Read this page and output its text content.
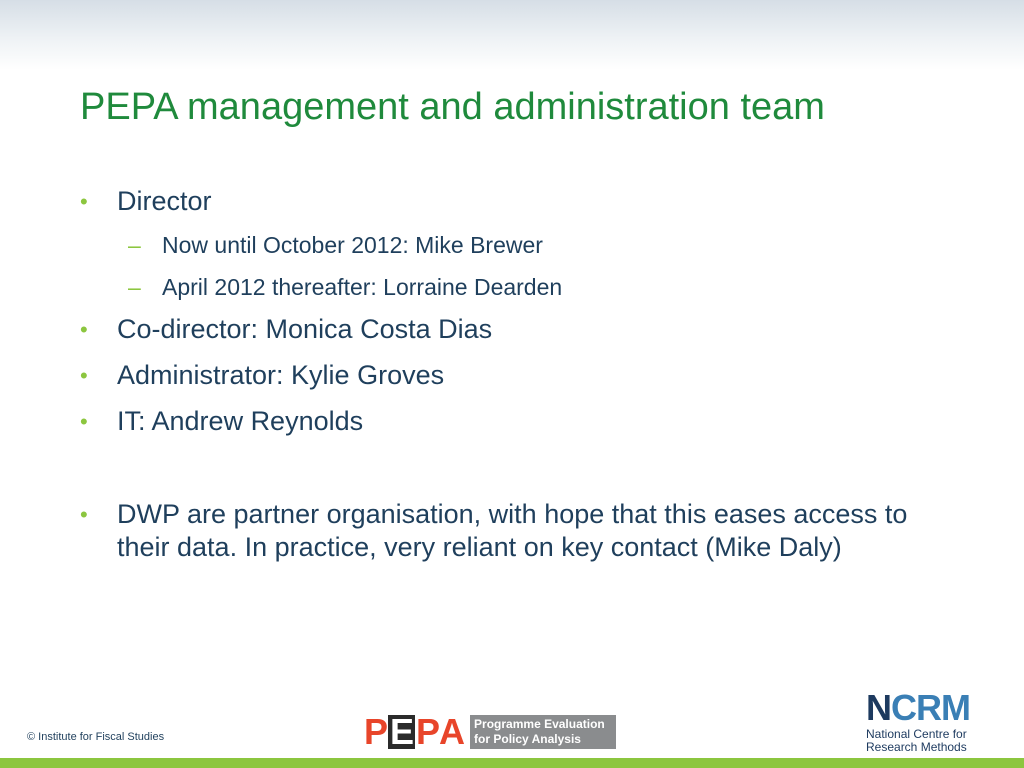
PEPA management and administration team
• Director
– Now until October 2012: Mike Brewer
– April 2012 thereafter: Lorraine Dearden
• Co-director: Monica Costa Dias
• Administrator: Kylie Groves
• IT: Andrew Reynolds
• DWP are partner organisation, with hope that this eases access to their data. In practice, very reliant on key contact (Mike Daly)
© Institute for Fiscal Studies	P E P A Programme Evaluation
for Policy Analysis
NCRM
National Centre for
Research Methods
